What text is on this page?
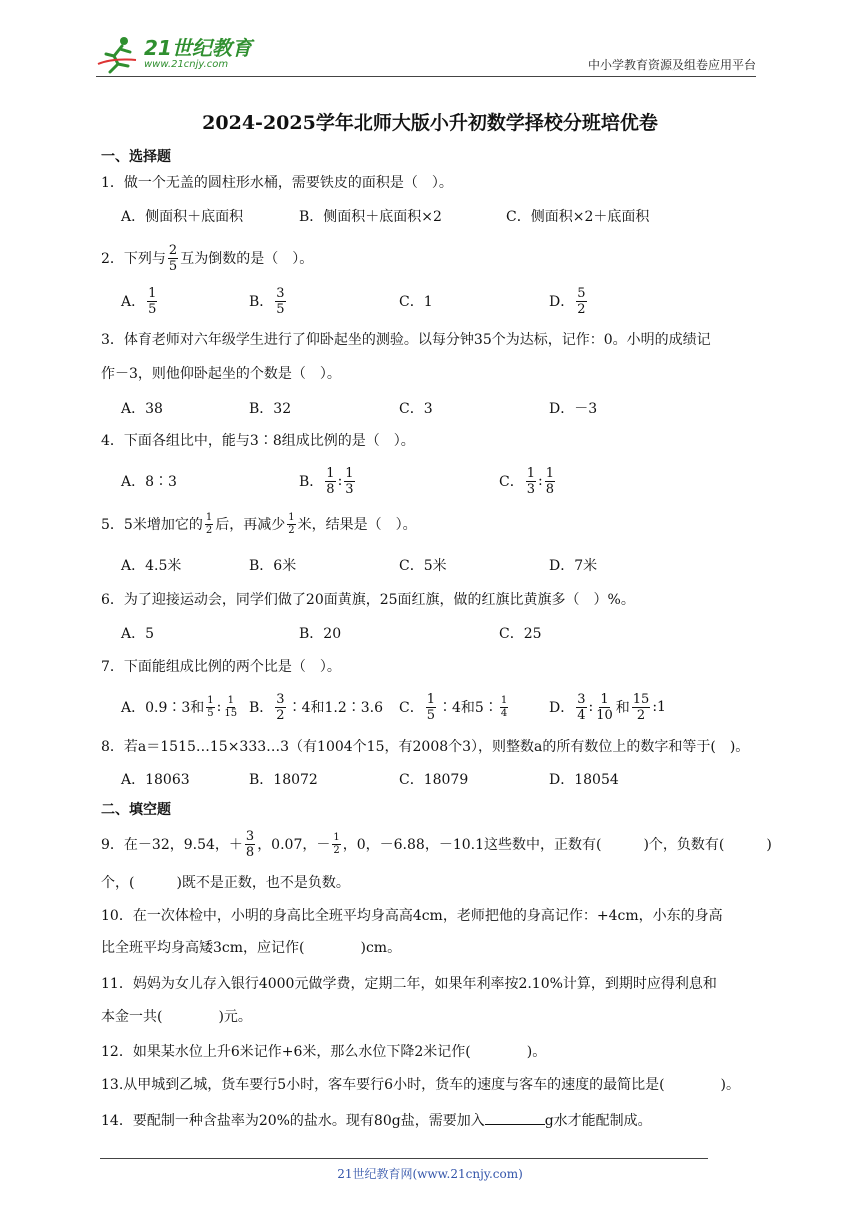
21世纪教育
www.21cnjy.com	中小学教育资源及组卷应用平台
2024-2025学年北师大版小升初数学择校分班培优卷
一、选择题
1．做一个无盖的圆柱形水桶，需要铁皮的面积是（　）。
A．侧面积＋底面积	B．侧面积＋底面积×2	C．侧面积×2＋底面积
2．下列与 $\frac{2}{5}$ 互为倒数的是（　）。
A． $\frac{1}{5}$	B． $\frac{3}{5}$	C．1	D． $\frac{5}{2}$
3．体育老师对六年级学生进行了仰卧起坐的测验。以每分钟35个为达标，记作：0。小明的成绩记
作－3，则他仰卧起坐的个数是（　）。
A．38	B．32	C．3	D．－3
4．下面各组比中，能与3∶8组成比例的是（　）。
A．8∶3	B． $\frac{1}{8}$ : $\frac{1}{3}$	C． $\frac{1}{3}$ : $\frac{1}{8}$
5．5米增加它的 $\frac{1}{2}$ 后，再减少 $\frac{1}{2}$ 米，结果是（　）。
A．4.5米	B．6米	C．5米	D．7米
6．为了迎接运动会，同学们做了20面黄旗，25面红旗，做的红旗比黄旗多（　）%。
A．5	B．20	C．25
7．下面能组成比例的两个比是（　）。
A．0.9∶3和 $\frac{1}{5}$ : $\frac{1}{15}$ B． $\frac{3}{2}$ ∶4和1.2∶3.6 C． $\frac{1}{5}$ ∶4和5∶ $\frac{1}{4}$	D． $\frac{3}{4}$ : $\frac{1}{10}$ 和 $\frac{15}{2}$ :1
8．若a＝1515…15×333…3（有1004个15，有2008个3），则整数a的所有数位上的数字和等于(　)。
A．18063	B．18072	C．18079	D．18054
二、填空题
9．在－32，9.54，＋ $\frac{3}{8}$ ，0.07，－ $\frac{1}{2}$ ，0，－6.88，－10.1这些数中，正数有(　　　)个，负数有(　　　)
个，(　　　)既不是正数，也不是负数。
10．在一次体检中，小明的身高比全班平均身高高4cm，老师把他的身高记作：+4cm，小东的身高
比全班平均身高矮3cm，应记作(　　　　)cm。
11．妈妈为女儿存入银行4000元做学费，定期二年，如果年利率按2.10%计算，到期时应得利息和
本金一共(　　　　)元。
12．如果某水位上升6米记作+6米，那么水位下降2米记作(　　　　)。
13.从甲城到乙城，货车要行5小时，客车要行6小时，货车的速度与客车的速度的最简比是(　　　　)。
14．要配制一种含盐率为20%的盐水。现有80g盐，需要加入	g水才能配制成。
21世纪教育网(www.21cnjy.com)
